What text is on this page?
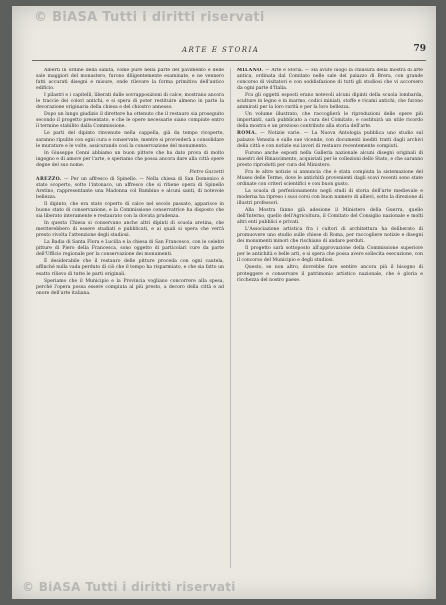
© BiASA Tutti i diritti riservati
ARTE E STORIA	79

Alberti in ordine della sanità, come pure nella parte del pavimento e delle sale maggiori del monastero, furono diligentemente esaminate, e ne vennero fatti accurati disegni e misure, onde rilevare la forma primitiva dell'antico edificio.

I pilastri e i capitelli, liberati dalle sovrapposizioni di calce, mostrano ancora le traccie dei colori antichi, e si spera di poter restituire almeno in parte la decorazione originaria della chiesa e del chiostro annesso.

Dopo un lungo giudizio il direttore ha ottenuto che il restauro sia proseguito secondo il progetto presentato, e che le opere necessarie siano compiute entro il termine stabilito dalla Commissione.

Le parti del dipinto rinvenute nella cappella, già da tempo ricoperte, saranno ripulite con ogni cura e conservate, mentre si provvederà a consolidare le murature e le volte, assicurando così la conservazione del monumento.

In Giuseppe Cenni abbiamo un buon pittore che ha dato prova di molto ingegno e di amore per l'arte, e speriamo che possa ancora dare alla città opere degne del suo nome.

Pietro Gazzetti

AREZZO. — Per un affresco di Spinello. — Nella chiesa di San Domenico è stato scoperto, sotto l'intonaco, un affresco che si ritiene opera di Spinello Aretino, rappresentante una Madonna col Bambino e alcuni santi, di notevole bellezza.

Il dipinto, che era stato coperto di calce nel secolo passato, apparisce in buono stato di conservazione, e la Commissione conservatrice ha disposto che sia liberato interamente e restaurato con la dovuta prudenza.

In questa Chiesa si conservano anche altri dipinti di scuola aretina, che meriterebbero di essere studiati e pubblicati, e ai quali si spera che verrà presto rivolta l'attenzione degli studiosi.

La Badia di Santa Flora e Lucilla e la chiesa di San Francesco, con le celebri pitture di Piero della Francesca, sono oggetto di particolari cure da parte dell'Ufficio regionale per la conservazione dei monumenti.

È desiderabile che il restauro delle pitture proceda con ogni cautela, affinché nulla vada perduto di ciò che il tempo ha risparmiato, e che sia fatto un esatto rilievo di tutte le parti originali.

Speriamo che il Municipio e la Provincia vogliano concorrere alla spesa, perché l'opera possa essere compiuta al più presto, a decoro della città e ad onore dell'arte italiana.

MILANO. — Arte e Storia. — Ha avuto luogo la chiusura della mostra di arte antica, ordinata dal Comitato nelle sale del palazzo di Brera, con grande concorso di visitatori e con soddisfazione di tutti gli studiosi che vi accorsero da ogni parte d'Italia.

Fra gli oggetti esposti erano notevoli alcuni dipinti della scuola lombarda, sculture in legno e in marmo, codici miniati, stoffe e ricami antichi, che furono ammirati per la loro rarità e per la loro bellezza.

Un volume illustrato, che raccoglierà le riproduzioni delle opere più importanti, sarà pubblicato a cura del Comitato, e costituirà un utile ricordo della mostra e un prezioso contributo alla storia dell'arte.

ROMA. — Notizie varie. — La Nuova Antologia pubblica uno studio sul palazzo Venezia e sulle sue vicende, con documenti inediti tratti dagli archivi della città e con notizie sui lavori di restauro recentemente compiuti.

Furono anche esposti nella Galleria nazionale alcuni disegni originali di maestri del Rinascimento, acquistati per le collezioni dello Stato, e che saranno presto riprodotti per cura del Ministero.

Fra le altre notizie si annuncia che è stata compiuta la sistemazione del Museo delle Terme, dove le antichità provenienti dagli scavi recenti sono state ordinate con criteri scientifici e con buon gusto.

La scuola di perfezionamento negli studi di storia dell'arte medievale e moderna ha ripreso i suoi corsi con buon numero di allievi, sotto la direzione di illustri professori.

Alla Mostra fanno già adesione il Ministero della Guerra, quello dell'Interno, quello dell'Agricoltura, il Comitato del Consiglio nazionale e molti altri enti pubblici e privati.

L'Associazione artistica fra i cultori di architettura ha deliberato di promuovere uno studio sulle chiese di Roma, per raccogliere notizie e disegni dei monumenti minori che rischiano di andare perduti.

Il progetto sarà sottoposto all'approvazione della Commissione superiore per le antichità e belle arti, e si spera che possa avere sollecita esecuzione, con il concorso del Municipio e degli studiosi.

Questo, se non altro, dovrebbe fare sentire ancora più il bisogno di proteggere e conservare il patrimonio artistico nazionale, che è gloria e ricchezza del nostro paese.

© BiASA Tutti i diritti riservati
